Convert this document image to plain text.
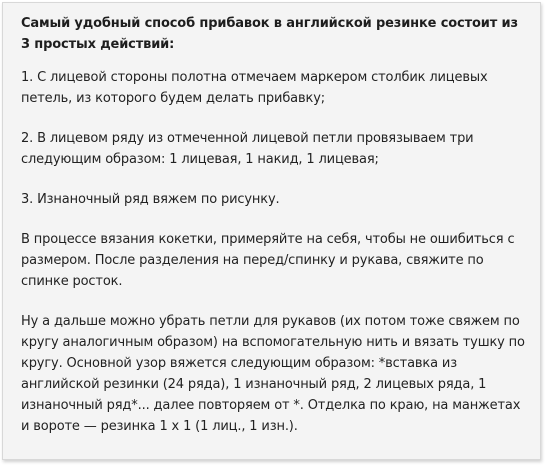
Самый удобный способ прибавок в английской резинке состоит из 3 простых действий:

1. С лицевой стороны полотна отмечаем маркером столбик лицевых петель, из которого будем делать прибавку;

2. В лицевом ряду из отмеченной лицевой петли провязываем три следующим образом: 1 лицевая, 1 накид, 1 лицевая;

3. Изнаночный ряд вяжем по рисунку.

В процессе вязания кокетки, примеряйте на себя, чтобы не ошибиться с размером. После разделения на перед/спинку и рукава, свяжите по спинке росток.

Ну а дальше можно убрать петли для рукавов (их потом тоже свяжем по кругу аналогичным образом) на вспомогательную нить и вязать тушку по кругу. Основной узор вяжется следующим образом: *вставка из английской резинки (24 ряда), 1 изнаночный ряд, 2 лицевых ряда, 1 изнаночный ряд*... далее повторяем от *. Отделка по краю, на манжетах и вороте — резинка 1 х 1 (1 лиц., 1 изн.).
